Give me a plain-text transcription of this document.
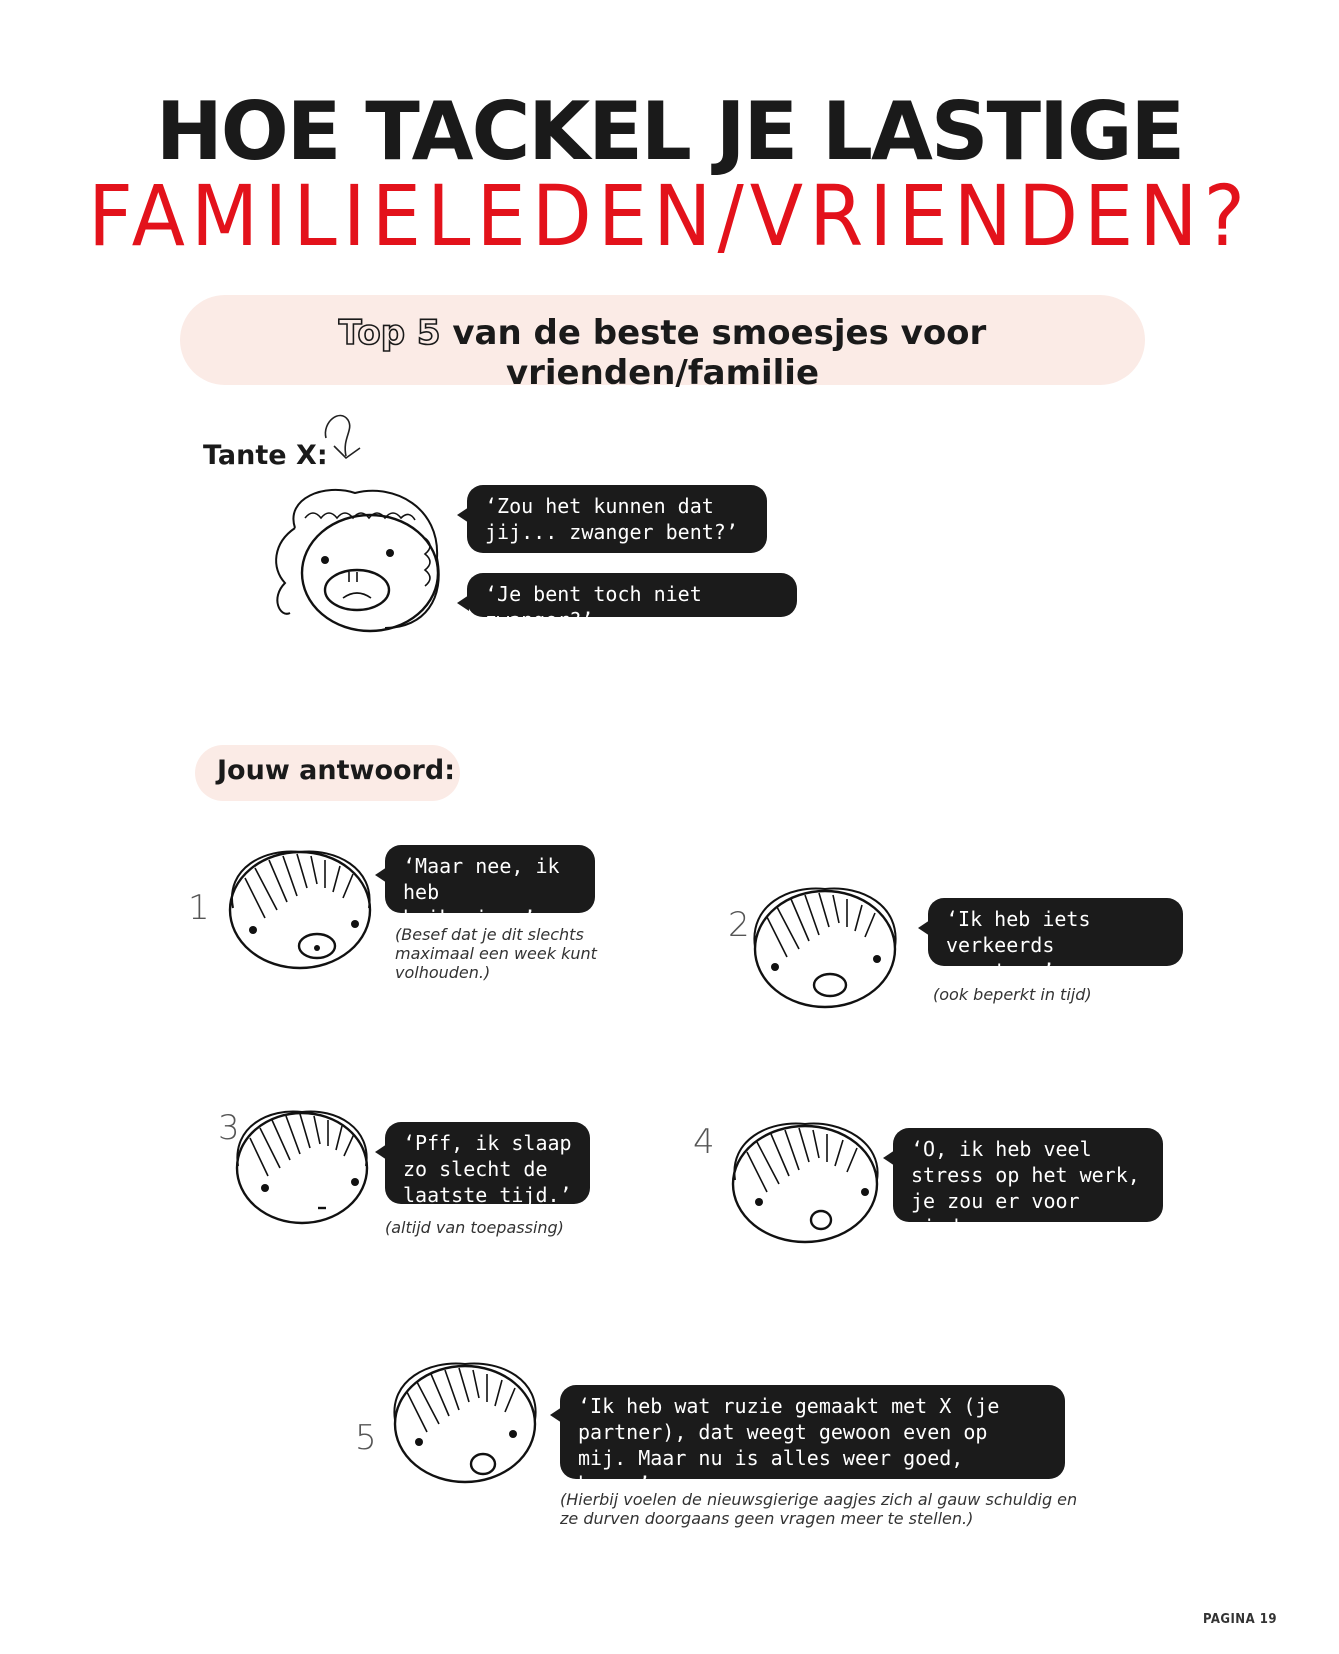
HOE TACKEL JE LASTIGE
FAMILIELEDEN/VRIENDEN?
Top 5 van de beste smoesjes voor vrienden/familie
Tante X:
‘Zou het kunnen dat jij... zwanger bent?’
‘Je bent toch niet zwanger?’
Jouw antwoord:
1
‘Maar nee, ik heb buikgriep.’
(Besef dat je dit slechts maximaal een week kunt volhouden.)
2	‘Ik heb iets verkeerds gegeten.’
(ook beperkt in tijd)
3	‘Pff, ik slaap zo slecht de laatste tijd.’
(altijd van toepassing)
4	‘O, ik heb veel stress op het werk, je zou er voor minder moe uitzien.’
5
‘Ik heb wat ruzie gemaakt met X (je partner), dat weegt gewoon even op mij. Maar nu is alles weer goed, hoor.’
(Hierbij voelen de nieuwsgierige aagjes zich al gauw schuldig en ze durven doorgaans geen vragen meer te stellen.)
PAGINA 19
